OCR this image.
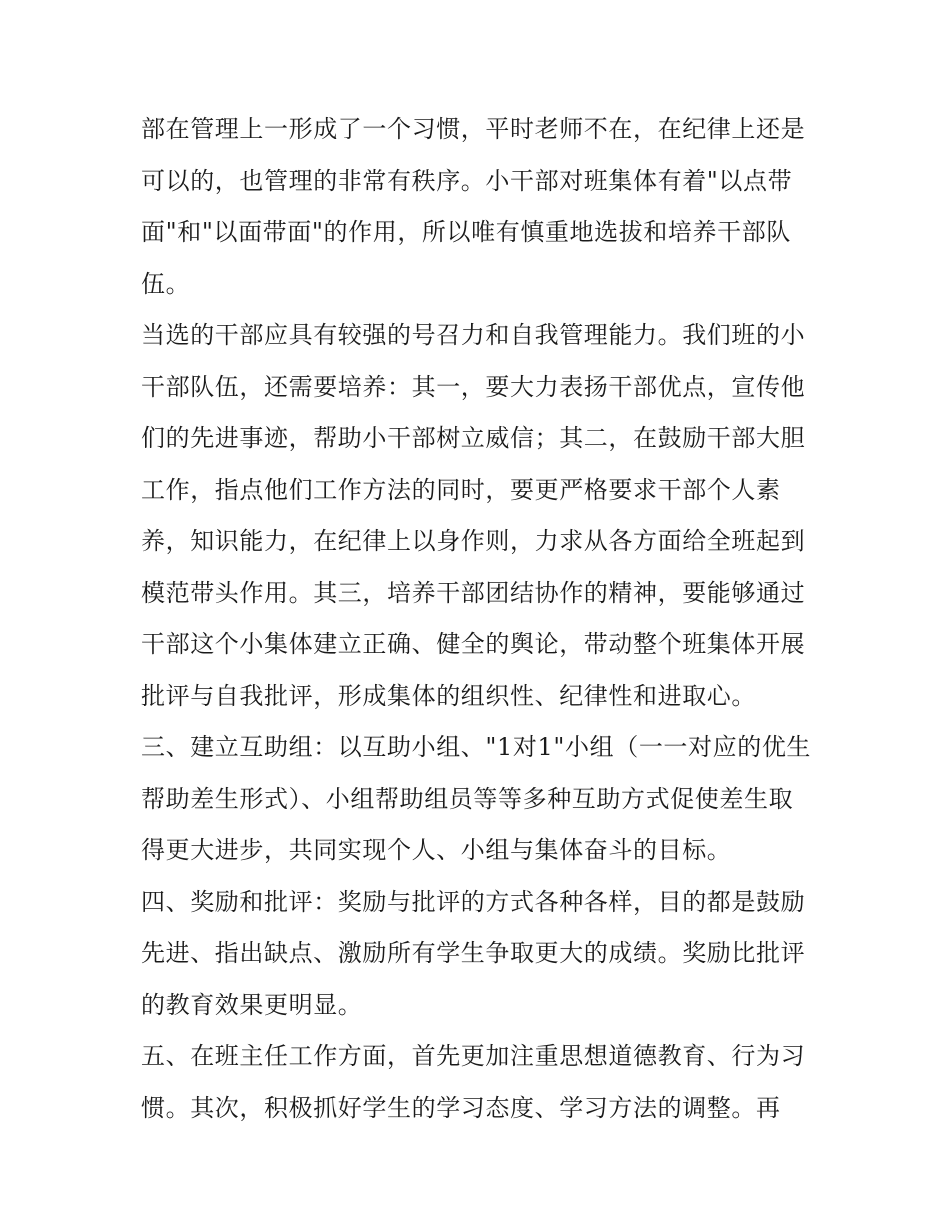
部在管理上一形成了一个习惯，平时老师不在，在纪律上还是可以的，也管理的非常有秩序。小干部对班集体有着"以点带面"和"以面带面"的作用，所以唯有慎重地选拔和培养干部队伍。

当选的干部应具有较强的号召力和自我管理能力。我们班的小干部队伍，还需要培养：其一，要大力表扬干部优点，宣传他们的先进事迹，帮助小干部树立威信；其二，在鼓励干部大胆工作，指点他们工作方法的同时，要更严格要求干部个人素养，知识能力，在纪律上以身作则，力求从各方面给全班起到模范带头作用。其三，培养干部团结协作的精神，要能够通过干部这个小集体建立正确、健全的舆论，带动整个班集体开展批评与自我批评，形成集体的组织性、纪律性和进取心。

三、建立互助组：以互助小组、"1对1"小组（一一对应的优生帮助差生形式）、小组帮助组员等等多种互助方式促使差生取得更大进步，共同实现个人、小组与集体奋斗的目标。

四、奖励和批评：奖励与批评的方式各种各样，目的都是鼓励先进、指出缺点、激励所有学生争取更大的成绩。奖励比批评的教育效果更明显。

五、在班主任工作方面，首先更加注重思想道德教育、行为习惯。其次，积极抓好学生的学习态度、学习方法的调整。再
